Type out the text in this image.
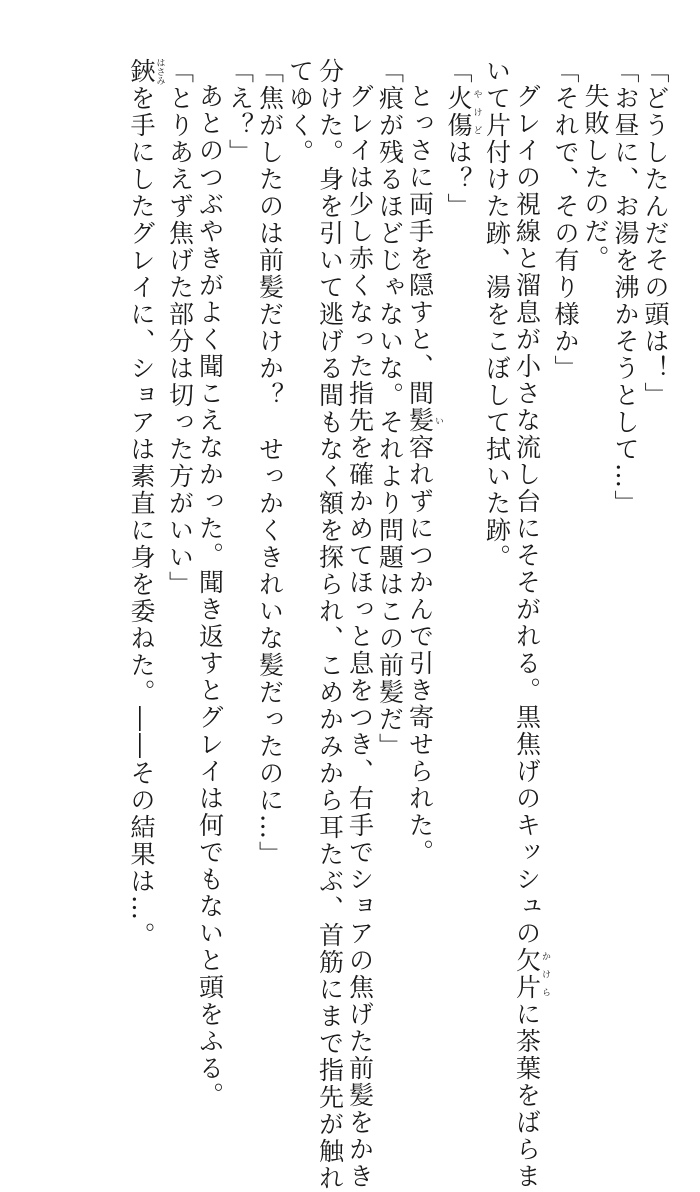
「どうしたんだその頭は！」
「お昼に、お湯を沸かそうとして…」
失敗したのだ。
「それで、その有り様か」
グレイの視線と溜息が小さな流し台にそそがれる。黒焦げのキッシュの欠片かけらに茶葉をばらま
いて片付けた跡、湯をこぼして拭いた跡。
「火傷やけどは？」
とっさに両手を隠すと、間髪容いれずにつかんで引き寄せられた。
「痕が残るほどじゃないな。それより問題はこの前髪だ」
グレイは少し赤くなった指先を確かめてほっと息をつき、右手でショアの焦げた前髪をかき
分けた。身を引いて逃げる間もなく額を探られ、こめかみから耳たぶ、首筋にまで指先が触れ
てゆく。
「焦がしたのは前髪だけか？　せっかくきれいな髪だったのに…」
「え？」
あとのつぶやきがよく聞こえなかった。聞き返すとグレイは何でもないと頭をふる。
「とりあえず焦げた部分は切った方がいい」
鋏はさみを手にしたグレイに、ショアは素直に身を委ねた。――その結果は…。
